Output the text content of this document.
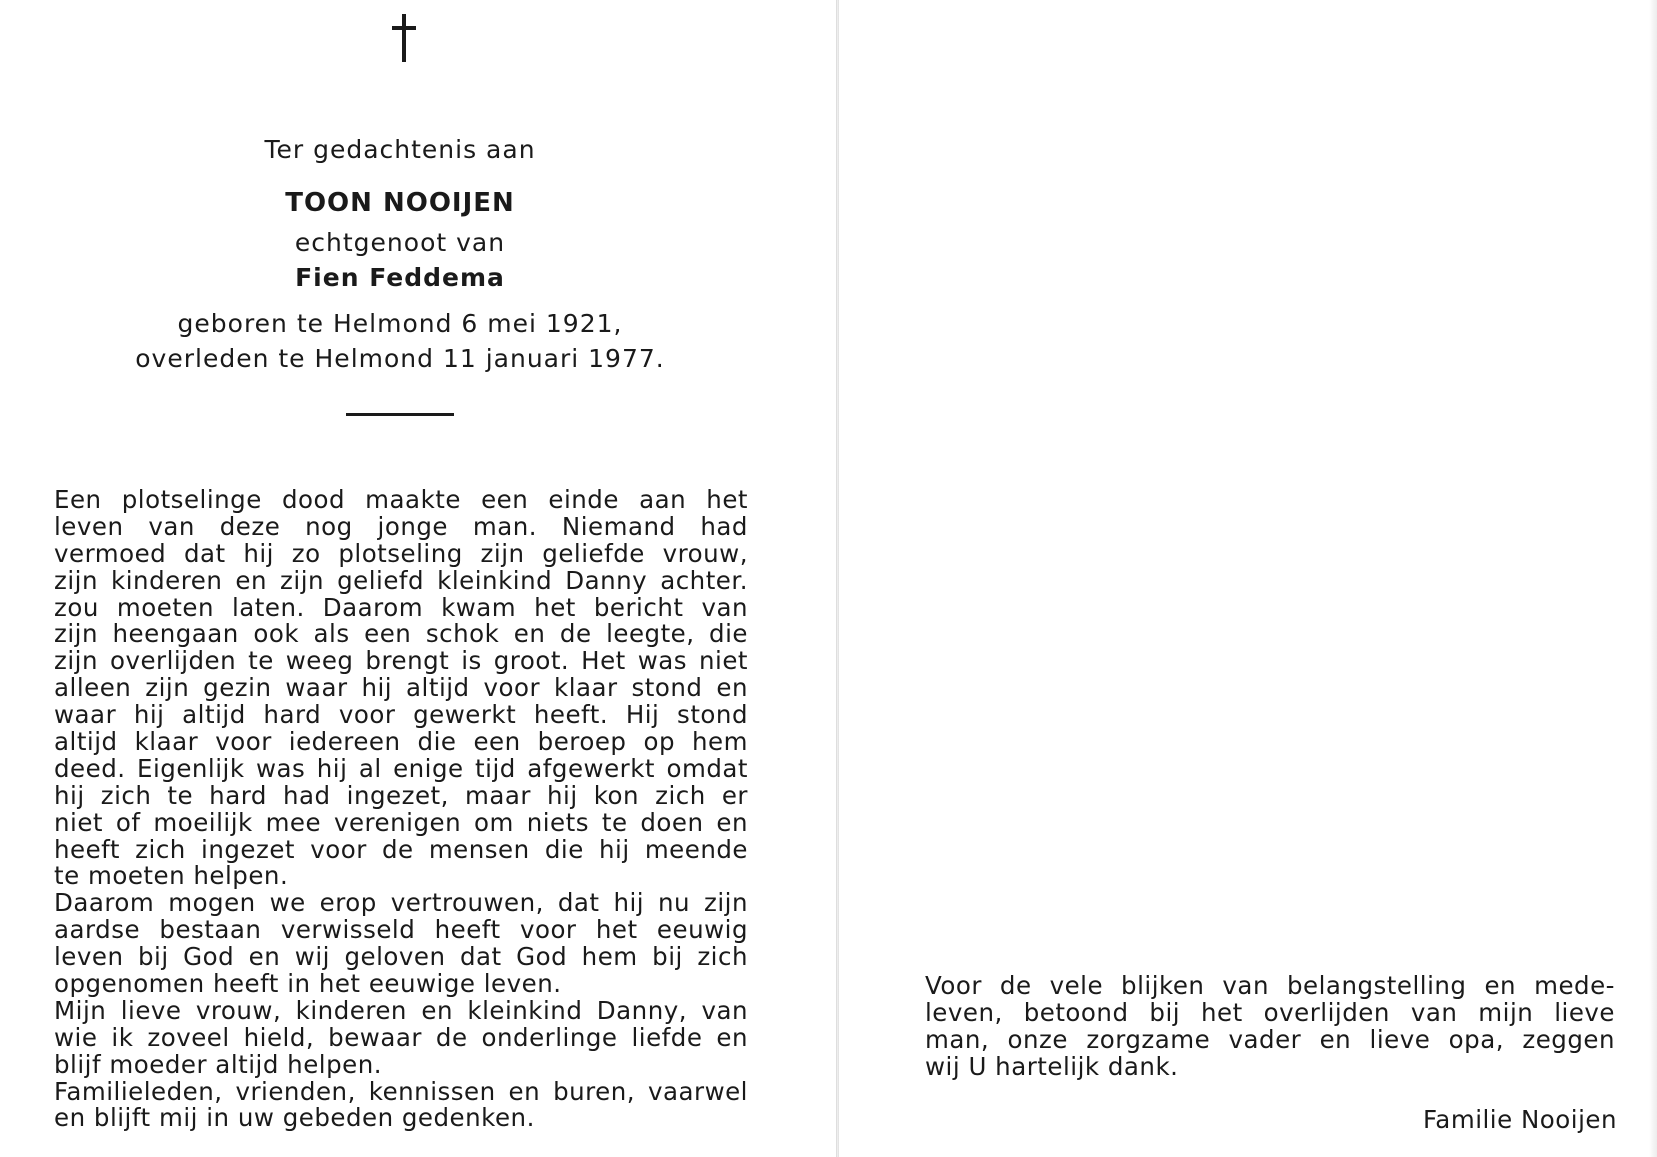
Ter gedachtenis aan
TOON NOOIJEN
echtgenoot van
Fien Feddema
geboren te Helmond 6 mei 1921,
overleden te Helmond 11 januari 1977.
Een plotselinge dood maakte een einde aan het
leven van deze nog jonge man. Niemand had
vermoed dat hij zo plotseling zijn geliefde vrouw,
zijn kinderen en zijn geliefd kleinkind Danny achter.
zou moeten laten. Daarom kwam het bericht van
zijn heengaan ook als een schok en de leegte, die
zijn overlijden te weeg brengt is groot. Het was niet
alleen zijn gezin waar hij altijd voor klaar stond en
waar hij altijd hard voor gewerkt heeft. Hij stond
altijd klaar voor iedereen die een beroep op hem
deed. Eigenlijk was hij al enige tijd afgewerkt omdat
hij zich te hard had ingezet, maar hij kon zich er
niet of moeilijk mee verenigen om niets te doen en
heeft zich ingezet voor de mensen die hij meende
te moeten helpen.
Daarom mogen we erop vertrouwen, dat hij nu zijn
aardse bestaan verwisseld heeft voor het eeuwig
leven bij God en wij geloven dat God hem bij zich
opgenomen heeft in het eeuwige leven.
Mijn lieve vrouw, kinderen en kleinkind Danny, van
wie ik zoveel hield, bewaar de onderlinge liefde en
blijf moeder altijd helpen.
Familieleden, vrienden, kennissen en buren, vaarwel
en blijft mij in uw gebeden gedenken.
Voor de vele blijken van belangstelling en mede-
leven, betoond bij het overlijden van mijn lieve
man, onze zorgzame vader en lieve opa, zeggen
wij U hartelijk dank.
Familie Nooijen
